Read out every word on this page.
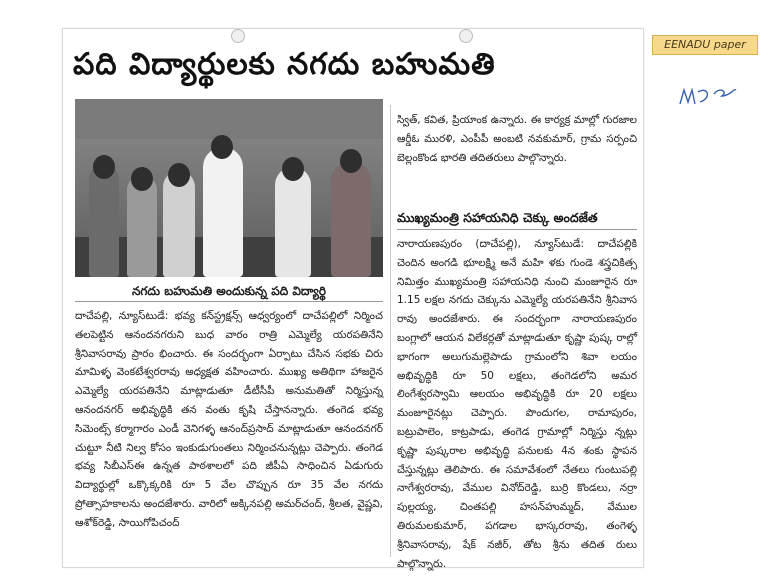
పది విద్యార్థులకు నగదు బహుమతి
నగదు బహుమతి అందుకున్న పది విద్యార్థి
దాచేపల్లి, న్యూస్‌టుడే: భవ్య కన్‌స్ట్రక్షన్స్ ఆధ్వర్యంలో దాచేపల్లిలో నిర్మించ తలపెట్టిన ఆనందనగరుని బుధ వారం రాత్రి ఎమ్మెల్యే యరపతినేని శ్రీనివాసరావు ప్రారం భించారు. ఈ సందర్భంగా ఏర్పాటు చేసిన సభకు చిరు మామిళ్ళ వెంకటేశ్వరరావు అధ్యక్షత వహించారు. ముఖ్య అతిథిగా హాజరైన ఎమ్మెల్యే యరపతినేని మాట్లాడుతూ డీటీసీపీ అనుమతితో నిర్మిస్తున్న ఆనందనగర్ అభివృద్ధికి తన వంతు కృషి చేస్తానన్నారు. తంగెడ భవ్య సిమెంట్స్ కర్మాగారం ఎండీ వెనిగళ్ళ ఆనంద్‌ప్రసాద్ మాట్లాడుతూ ఆనందనగర్ చుట్టూ నీటి నిల్వ కోసం ఇంకుడుగుంతలు నిర్మించనున్నట్లు చెప్పారు. తంగెడ భవ్య సిబీఎస్‌ఈ ఉన్నత పాఠశాలలో పది జీపీఏ సాధించిన ఏడుగురు విద్యార్థుల్లో ఒక్కొక్కరికి రూ 5 వేల చొప్పున రూ 35 వేల నగదు ప్రోత్సాహకాలను అందజేశారు. వారిలో అక్కినపల్లి అమర్‌చంద్, శ్రీలత, వైష్ణవి, ఆశోక్‌రెడ్డి, సాయిగోపిచంద్
స్విత్, కవిత, ప్రియాంక ఉన్నారు. ఈ కార్యక్ర మాల్లో గురజాల ఆర్డీఓ మురళి, ఎంపీపీ అంబటి నవకుమార్, గ్రామ సర్పంచి బెల్లంకొండ భారతి తదితరులు పాల్గొన్నారు.
ముఖ్యమంత్రి సహాయనిధి చెక్కు అందజేత
నారాయణపురం (దాచేపల్లి), న్యూస్‌టుడే: దాచేపల్లికి చెందిన అంగడి భూలక్ష్మి అనే మహి ళకు గుండె శస్త్రచికిత్స నిమిత్తం ముఖ్యమంత్రి సహాయనిధి నుంచి మంజూరైన రూ 1.15 లక్షల నగదు చెక్కును ఎమ్మెల్యే యరపతినేని శ్రీనివాస రావు అందజేశారు. ఈ సందర్భంగా నారాయణపురం బంగ్లాలో ఆయన విలేకర్లతో మాట్లాడుతూ కృష్ణా పుష్క రాల్లో భాగంగా అలుగుమల్లెపాడు గ్రామంలోని శివా లయం అభివృద్ధికి రూ 50 లక్షలు, తంగెడలోని అమర లింగేశ్వరస్వామి ఆలయం అభివృద్ధికి రూ 20 లక్షలు మంజూరైనట్లు చెప్పారు. పొందుగల, రామాపురం, బట్రుపాలెం, కాట్రపాడు, తంగెడ గ్రామాల్లో నిర్మిస్తు న్నట్లు కృష్ణా పుష్కరాల అభివృద్ధి పనులకు 4న శంకు స్థాపన చేస్తున్నట్లు తెలిపారు. ఈ సమావేశంలో నేతలు గుంటుపల్లి నాగేశ్వరరావు, వేముల వినోద్‌రెడ్డి, బుర్రి కొండలు, నర్రా పుల్లయ్య, చింతపల్లి హసన్‌హుమ్మద్, వేముల తిరుమలకుమార్, పగడాల భాస్కరరావు, తంగెళ్ళ శ్రీనివాసరావు, షేక్ నజీర్, తోట శ్రీను తదిత రులు పాల్గొన్నారు.
EENADU paper
